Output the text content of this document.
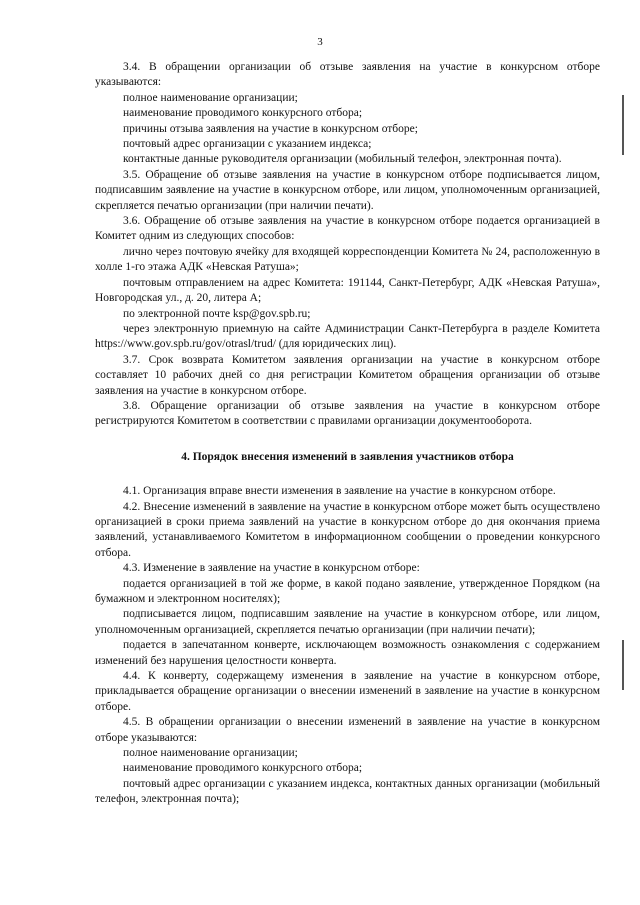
3

3.4. В обращении организации об отзыве заявления на участие в конкурсном отборе указываются:

полное наименование организации;

наименование проводимого конкурсного отбора;

причины отзыва заявления на участие в конкурсном отборе;

почтовый адрес организации с указанием индекса;

контактные данные руководителя организации (мобильный телефон, электронная почта).

3.5. Обращение об отзыве заявления на участие в конкурсном отборе подписывается лицом, подписавшим заявление на участие в конкурсном отборе, или лицом, уполномоченным организацией, скрепляется печатью организации (при наличии печати).

3.6. Обращение об отзыве заявления на участие в конкурсном отборе подается организацией в Комитет одним из следующих способов:

лично через почтовую ячейку для входящей корреспонденции Комитета № 24, расположенную в холле 1-го этажа АДК «Невская Ратуша»;

почтовым отправлением на адрес Комитета: 191144, Санкт-Петербург, АДК «Невская Ратуша», Новгородская ул., д. 20, литера А;

по электронной почте ksp@gov.spb.ru;

через электронную приемную на сайте Администрации Санкт-Петербурга в разделе Комитета https://www.gov.spb.ru/gov/otrasl/trud/ (для юридических лиц).

3.7. Срок возврата Комитетом заявления организации на участие в конкурсном отборе составляет 10 рабочих дней со дня регистрации Комитетом обращения организации об отзыве заявления на участие в конкурсном отборе.

3.8. Обращение организации об отзыве заявления на участие в конкурсном отборе регистрируются Комитетом в соответствии с правилами организации документооборота.

4. Порядок внесения изменений в заявления участников отбора

4.1. Организация вправе внести изменения в заявление на участие в конкурсном отборе.

4.2. Внесение изменений в заявление на участие в конкурсном отборе может быть осуществлено организацией в сроки приема заявлений на участие в конкурсном отборе до дня окончания приема заявлений, устанавливаемого Комитетом в информационном сообщении о проведении конкурсного отбора.

4.3. Изменение в заявление на участие в конкурсном отборе:

подается организацией в той же форме, в какой подано заявление, утвержденное Порядком (на бумажном и электронном носителях);

подписывается лицом, подписавшим заявление на участие в конкурсном отборе, или лицом, уполномоченным организацией, скрепляется печатью организации (при наличии печати);

подается в запечатанном конверте, исключающем возможность ознакомления с содержанием изменений без нарушения целостности конверта.

4.4. К конверту, содержащему изменения в заявление на участие в конкурсном отборе, прикладывается обращение организации о внесении изменений в заявление на участие в конкурсном отборе.

4.5. В обращении организации о внесении изменений в заявление на участие в конкурсном отборе указываются:

полное наименование организации;

наименование проводимого конкурсного отбора;

почтовый адрес организации с указанием индекса, контактных данных организации (мобильный телефон, электронная почта);
